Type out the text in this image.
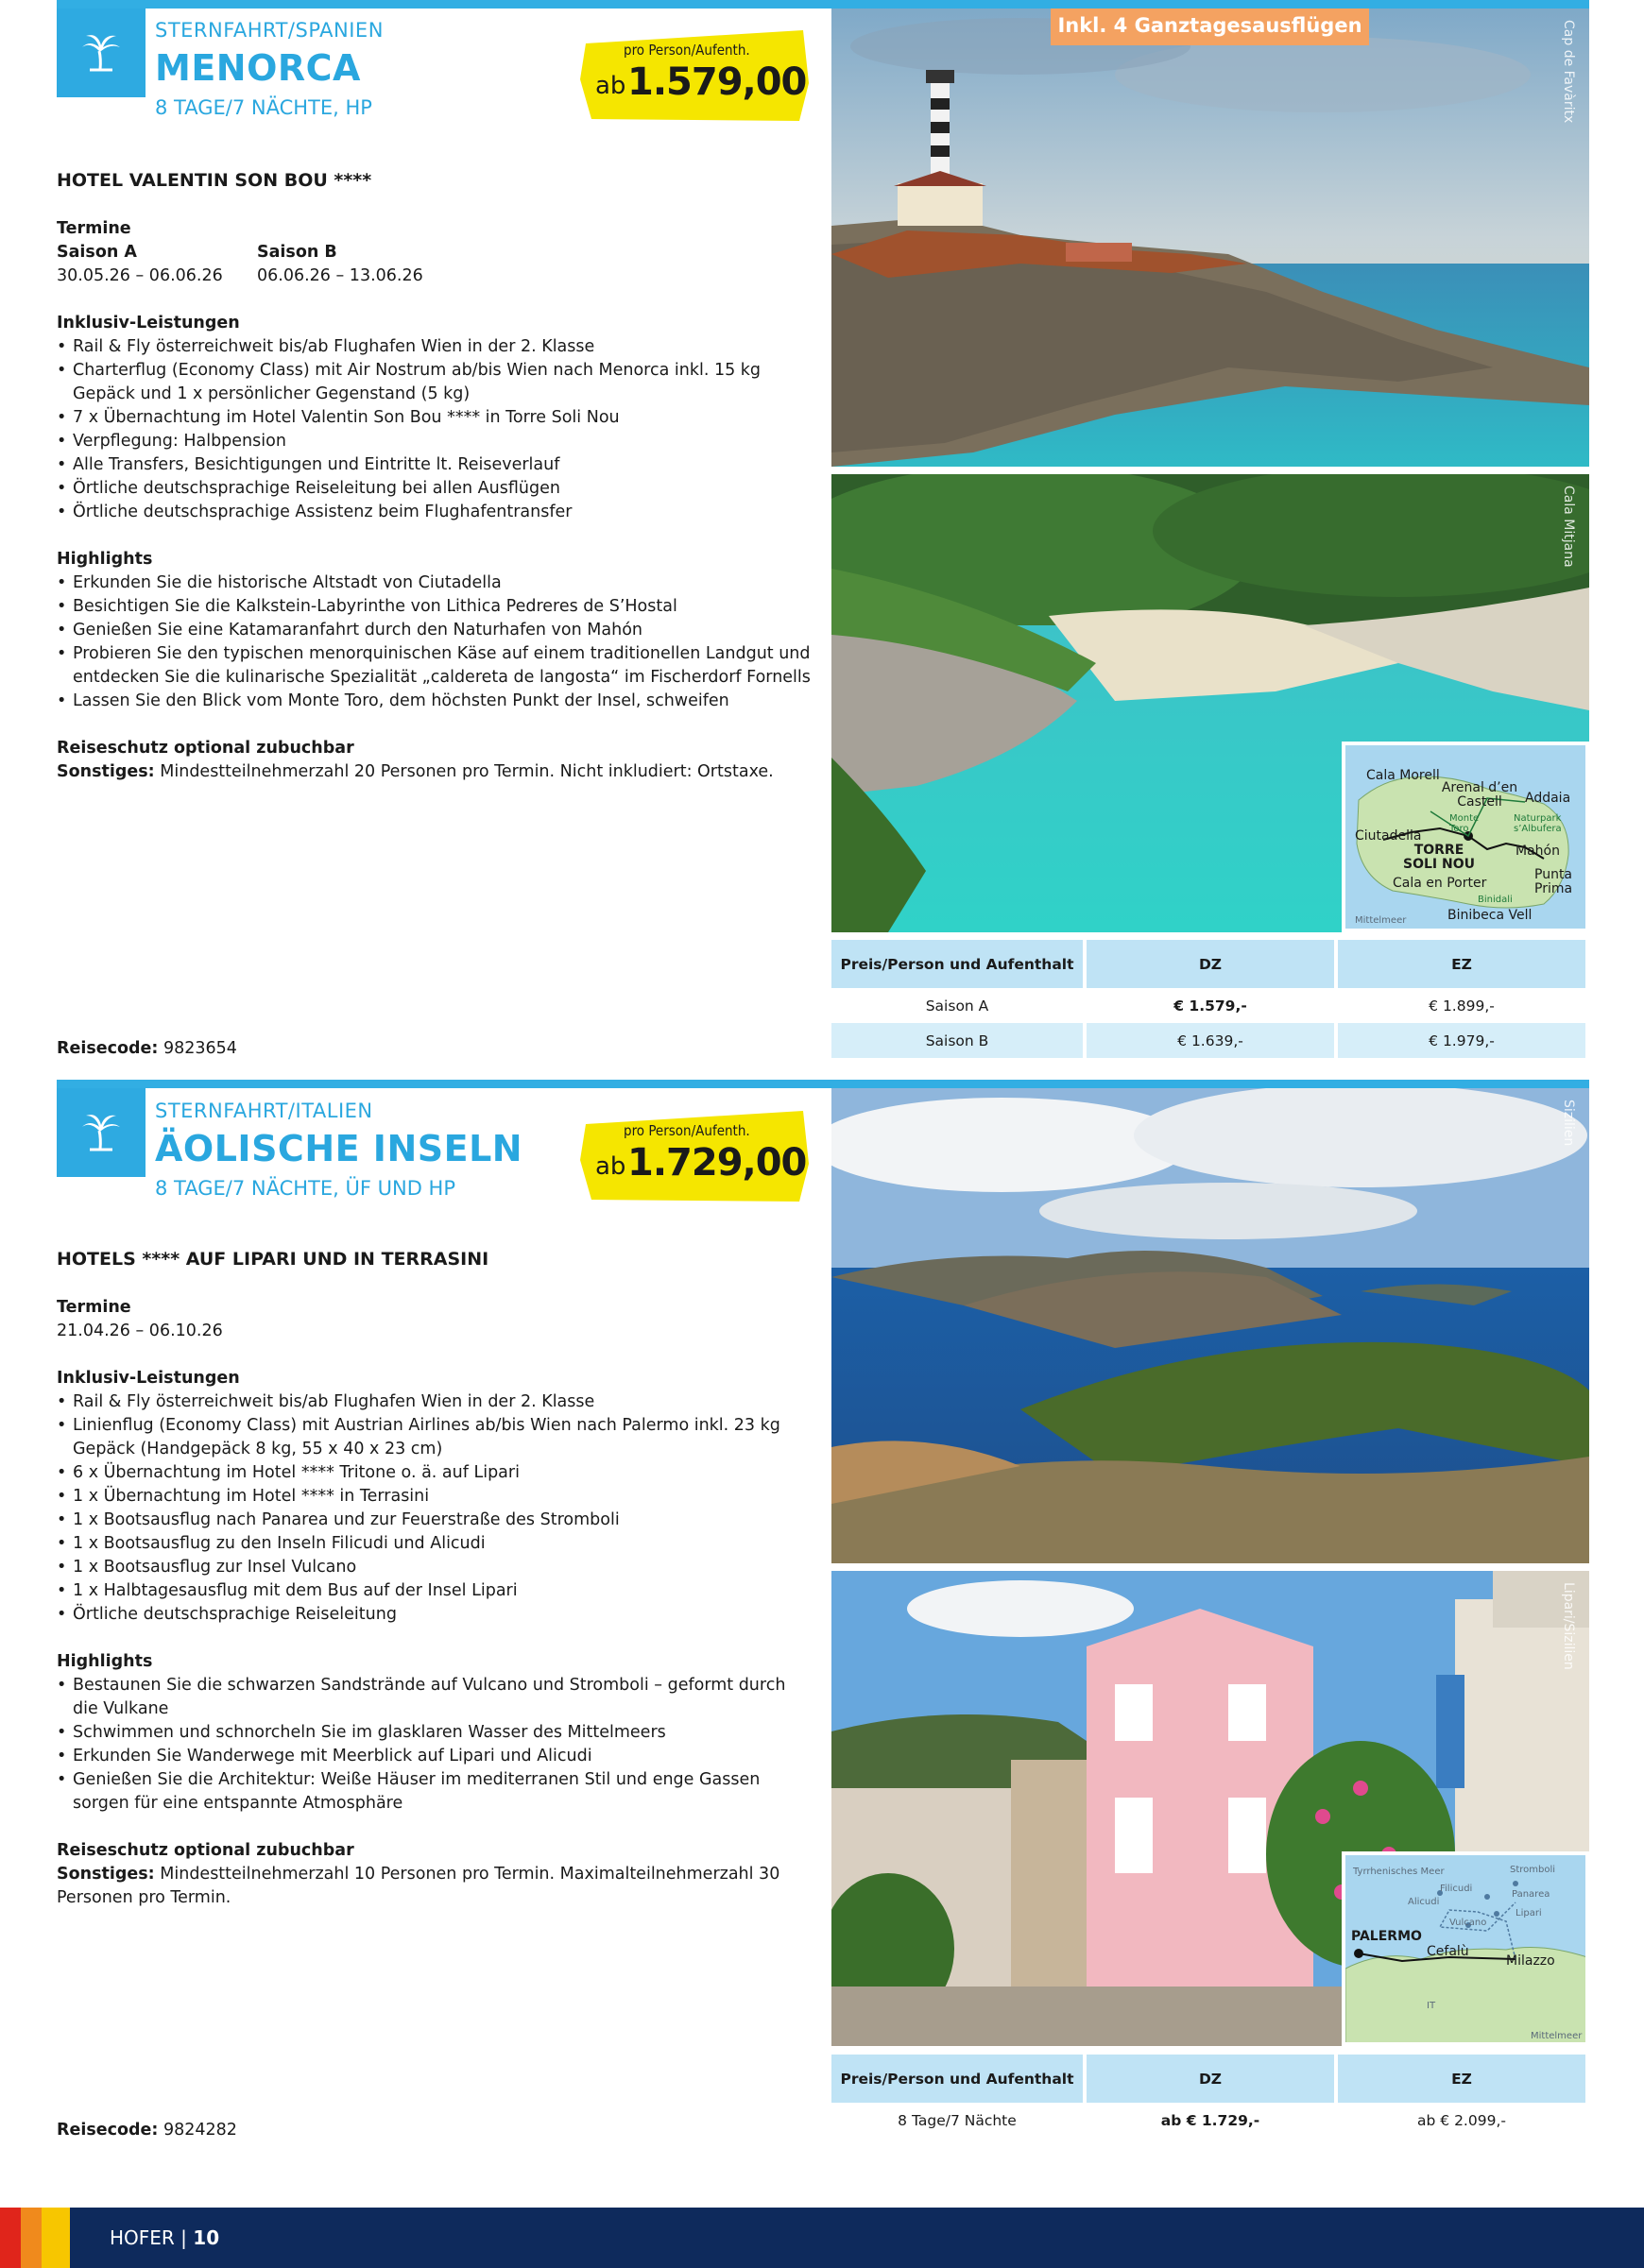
STERNFAHRT/SPANIEN
MENORCA
8 TAGE/7 NÄCHTE, HP
pro Person/Aufenth.
ab 1.579,00
HOTEL VALENTIN SON BOU ****
Termine
Saison A
30.05.26 – 06.06.26
Saison B
06.06.26 – 13.06.26
Inklusiv-Leistungen
• Rail & Fly österreichweit bis/ab Flughafen Wien in der 2. Klasse
• Charterflug (Economy Class) mit Air Nostrum ab/bis Wien nach Menorca inkl. 15 kg Gepäck und 1 x persönlicher Gegenstand (5 kg)
• 7 x Übernachtung im Hotel Valentin Son Bou **** in Torre Soli Nou
• Verpflegung: Halbpension
• Alle Transfers, Besichtigungen und Eintritte lt. Reiseverlauf
• Örtliche deutschsprachige Reiseleitung bei allen Ausflügen
• Örtliche deutschsprachige Assistenz beim Flughafentransfer
Highlights
• Erkunden Sie die historische Altstadt von Ciutadella
• Besichtigen Sie die Kalkstein-Labyrinthe von Lithica Pedreres de S’Hostal
• Genießen Sie eine Katamaranfahrt durch den Naturhafen von Mahón
• Probieren Sie den typischen menorquinischen Käse auf einem traditionellen Landgut und entdecken Sie die kulinarische Spezialität „caldereta de langosta“ im Fischerdorf Fornells
• Lassen Sie den Blick vom Monte Toro, dem höchsten Punkt der Insel, schweifen
Reiseschutz optional zubuchbar
Sonstiges: Mindestteilnehmerzahl 20 Personen pro Termin. Nicht inkludiert: Ortstaxe.
Inkl. 4 Ganztagesausflügen	Cap de Favàritx
Cala Mitjana
Cala Morell
Arenal d’en Castell	Addaia
Monte Toro
Naturpark s’Albufera
Ciutadella
TORRE SOLI NOU
Mahón
Cala en Porter
Punta Prima
Binidali
Binibeca Vell
Mittelmeer
Preis/Person und Aufenthalt	DZ	EZ
Saison A	€ 1.579,-	€ 1.899,-
Saison B	€ 1.639,-	€ 1.979,-
Reisecode: 9823654
STERNFAHRT/ITALIEN
ÄOLISCHE INSELN
8 TAGE/7 NÄCHTE, ÜF UND HP
pro Person/Aufenth.
ab 1.729,00
HOTELS **** AUF LIPARI UND IN TERRASINI
Termine
21.04.26 – 06.10.26
Inklusiv-Leistungen
• Rail & Fly österreichweit bis/ab Flughafen Wien in der 2. Klasse
• Linienflug (Economy Class) mit Austrian Airlines ab/bis Wien nach Palermo inkl. 23 kg Gepäck (Handgepäck 8 kg, 55 x 40 x 23 cm)
• 6 x Übernachtung im Hotel **** Tritone o. ä. auf Lipari
• 1 x Übernachtung im Hotel **** in Terrasini
• 1 x Bootsausflug nach Panarea und zur Feuerstraße des Stromboli
• 1 x Bootsausflug zu den Inseln Filicudi und Alicudi
• 1 x Bootsausflug zur Insel Vulcano
• 1 x Halbtagesausflug mit dem Bus auf der Insel Lipari
• Örtliche deutschsprachige Reiseleitung
Highlights
• Bestaunen Sie die schwarzen Sandstrände auf Vulcano und Stromboli – geformt durch die Vulkane
• Schwimmen und schnorcheln Sie im glasklaren Wasser des Mittelmeers
• Erkunden Sie Wanderwege mit Meerblick auf Lipari und Alicudi
• Genießen Sie die Architektur: Weiße Häuser im mediterranen Stil und enge Gassen sorgen für eine entspannte Atmosphäre
Reiseschutz optional zubuchbar
Sonstiges: Mindestteilnehmerzahl 10 Personen pro Termin. Maximalteilnehmerzahl 30 Personen pro Termin.
Sizilien
Lipari/Sizilien
Tyrrhenisches Meer	Stromboli
Filicudi
Panarea
Alicudi
Lipari
Vulcano
PALERMO
Cefalù
Milazzo
IT
Mittelmeer
Preis/Person und Aufenthalt	DZ	EZ
8 Tage/7 Nächte	ab € 1.729,-	ab € 2.099,-
Reisecode: 9824282
HOFER | 10
